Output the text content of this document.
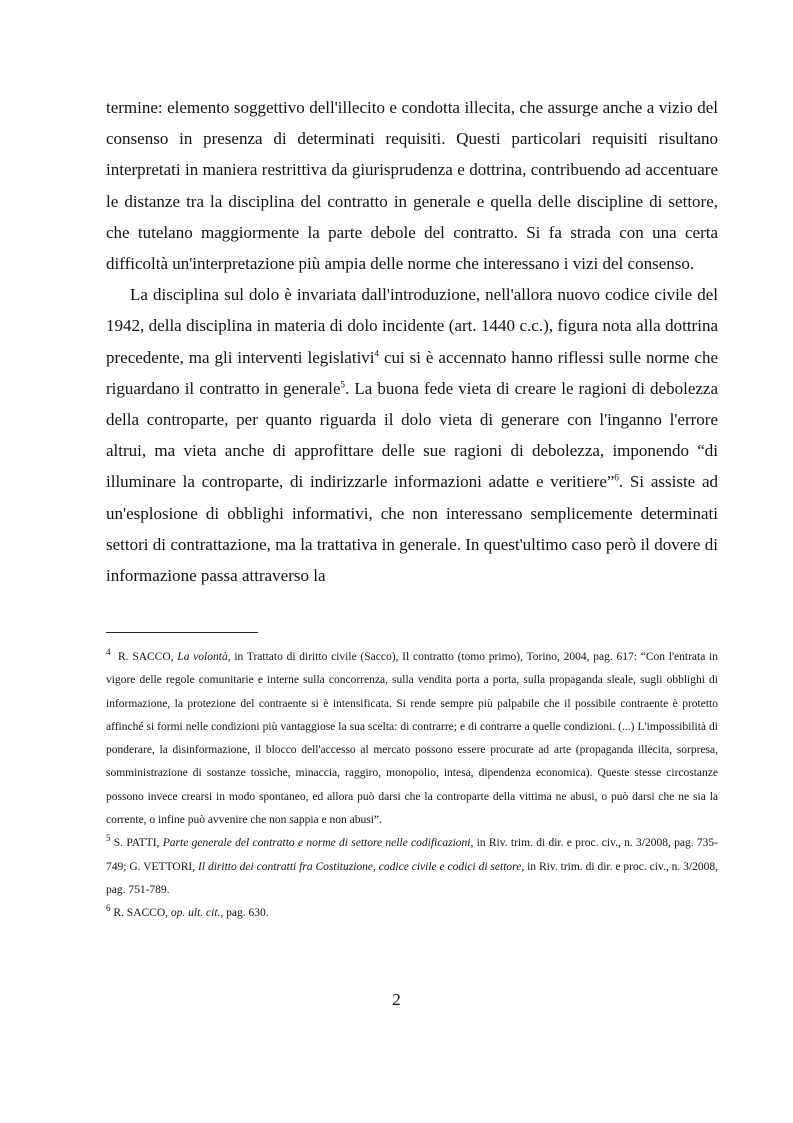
termine: elemento soggettivo dell'illecito e condotta illecita, che assurge anche a vizio del consenso in presenza di determinati requisiti. Questi particolari requisiti risultano interpretati in maniera restrittiva da giurisprudenza e dottrina, contribuendo ad accentuare le distanze tra la disciplina del contratto in generale e quella delle discipline di settore, che tutelano maggiormente la parte debole del contratto. Si fa strada con una certa difficoltà un'interpretazione più ampia delle norme che interessano i vizi del consenso.

La disciplina sul dolo è invariata dall'introduzione, nell'allora nuovo codice civile del 1942, della disciplina in materia di dolo incidente (art. 1440 c.c.), figura nota alla dottrina precedente, ma gli interventi legislativi$^4$ cui si è accennato hanno riflessi sulle norme che riguardano il contratto in generale$^5$. La buona fede vieta di creare le ragioni di debolezza della controparte, per quanto riguarda il dolo vieta di generare con l'inganno l'errore altrui, ma vieta anche di approfittare delle sue ragioni di debolezza, imponendo “di illuminare la controparte, di indirizzarle informazioni adatte e veritiere”$^6$. Si assiste ad un'esplosione di obblighi informativi, che non interessano semplicemente determinati settori di contrattazione, ma la trattativa in generale. In quest'ultimo caso però il dovere di informazione passa attraverso la

$^4$ R. SACCO, La volontà, in Trattato di diritto civile (Sacco), Il contratto (tomo primo), Torino, 2004, pag. 617: “Con l'entrata in vigore delle regole comunitarie e interne sulla concorrenza, sulla vendita porta a porta, sulla propaganda sleale, sugli obblighi di informazione, la protezione del contraente si è intensificata. Si rende sempre più palpabile che il possibile contraente è protetto affinché si formi nelle condizioni più vantaggiose la sua scelta: di contrarre; e di contrarre a quelle condizioni. (...) L'impossibilità di ponderare, la disinformazione, il blocco dell'accesso al mercato possono essere procurate ad arte (propaganda illecita, sorpresa, somministrazione di sostanze tossiche, minaccia, raggiro, monopolio, intesa, dipendenza economica). Queste stesse circostanze possono invece crearsi in modo spontaneo, ed allora può darsi che la controparte della vittima ne abusi, o può darsi che ne sia la corrente, o infine può avvenire che non sappia e non abusi”.

$^5$ S. PATTI, Parte generale del contratto e norme di settore nelle codificazioni, in Riv. trim. di dir. e proc. civ., n. 3/2008, pag. 735-749; G. VETTORI, Il diritto dei contratti fra Costituzione, codice civile e codici di settore, in Riv. trim. di dir. e proc. civ., n. 3/2008, pag. 751-789.

$^6$ R. SACCO, op. ult. cit., pag. 630.

2
